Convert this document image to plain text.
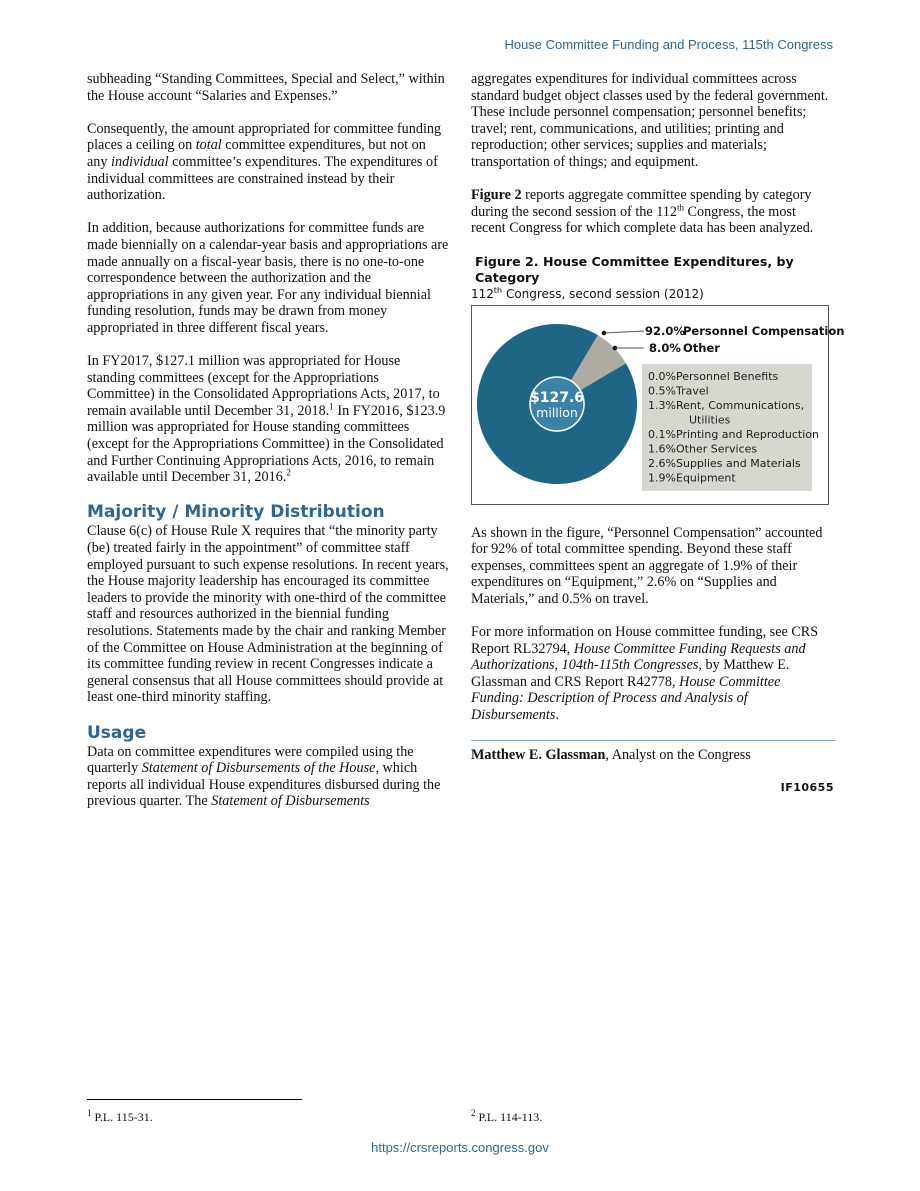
House Committee Funding and Process, 115th Congress

subheading “Standing Committees, Special and Select,” within the House account “Salaries and Expenses.”

Consequently, the amount appropriated for committee funding places a ceiling on total committee expenditures, but not on any individual committee’s expenditures. The expenditures of individual committees are constrained instead by their authorization.

In addition, because authorizations for committee funds are made biennially on a calendar-year basis and appropriations are made annually on a fiscal-year basis, there is no one-to-one correspondence between the authorization and the appropriations in any given year. For any individual biennial funding resolution, funds may be drawn from money appropriated in three different fiscal years.

In FY2017, $127.1 million was appropriated for House standing committees (except for the Appropriations Committee) in the Consolidated Appropriations Acts, 2017, to remain available until December 31, 2018.$^1$ In FY2016, $123.9 million was appropriated for House standing committees (except for the Appropriations Committee) in the Consolidated and Further Continuing Appropriations Acts, 2016, to remain available until December 31, 2016.$^2$

Majority / Minority Distribution

Clause 6(c) of House Rule X requires that “the minority party (be) treated fairly in the appointment” of committee staff employed pursuant to such expense resolutions. In recent years, the House majority leadership has encouraged its committee leaders to provide the minority with one-third of the committee staff and resources authorized in the biennial funding resolutions. Statements made by the chair and ranking Member of the Committee on House Administration at the beginning of its committee funding review in recent Congresses indicate a general consensus that all House committees should provide at least one-third minority staffing.

Usage

Data on committee expenditures were compiled using the quarterly Statement of Disbursements of the House, which reports all individual House expenditures disbursed during the previous quarter. The Statement of Disbursements

aggregates expenditures for individual committees across standard budget object classes used by the federal government. These include personnel compensation; personnel benefits; travel; rent, communications, and utilities; printing and reproduction; other services; supplies and materials; transportation of things; and equipment.

Figure 2 reports aggregate committee spending by category during the second session of the 112th Congress, the most recent Congress for which complete data has been analyzed.

Figure 2. House Committee Expenditures, by Category
112th Congress, second session (2012)
$127.6
million
92.0%
Personnel Compensation
8.0% Other
0.0% Personnel Benefits
0.5% Travel
1.3% Rent, Communications,
Utilities
0.1% Printing and Reproduction
1.6% Other Services
2.6% Supplies and Materials
1.9% Equipment

As shown in the figure, “Personnel Compensation” accounted for 92% of total committee spending. Beyond these staff expenses, committees spent an aggregate of 1.9% of their expenditures on “Equipment,” 2.6% on “Supplies and Materials,” and 0.5% on travel.

For more information on House committee funding, see CRS Report RL32794, House Committee Funding Requests and Authorizations, 104th-115th Congresses, by Matthew E. Glassman and CRS Report R42778, House Committee Funding: Description of Process and Analysis of Disbursements.

Matthew E. Glassman, Analyst on the Congress
IF10655
$^1$ P.L. 115-31.	$^2$ P.L. 114-113.
https://crsreports.congress.gov
